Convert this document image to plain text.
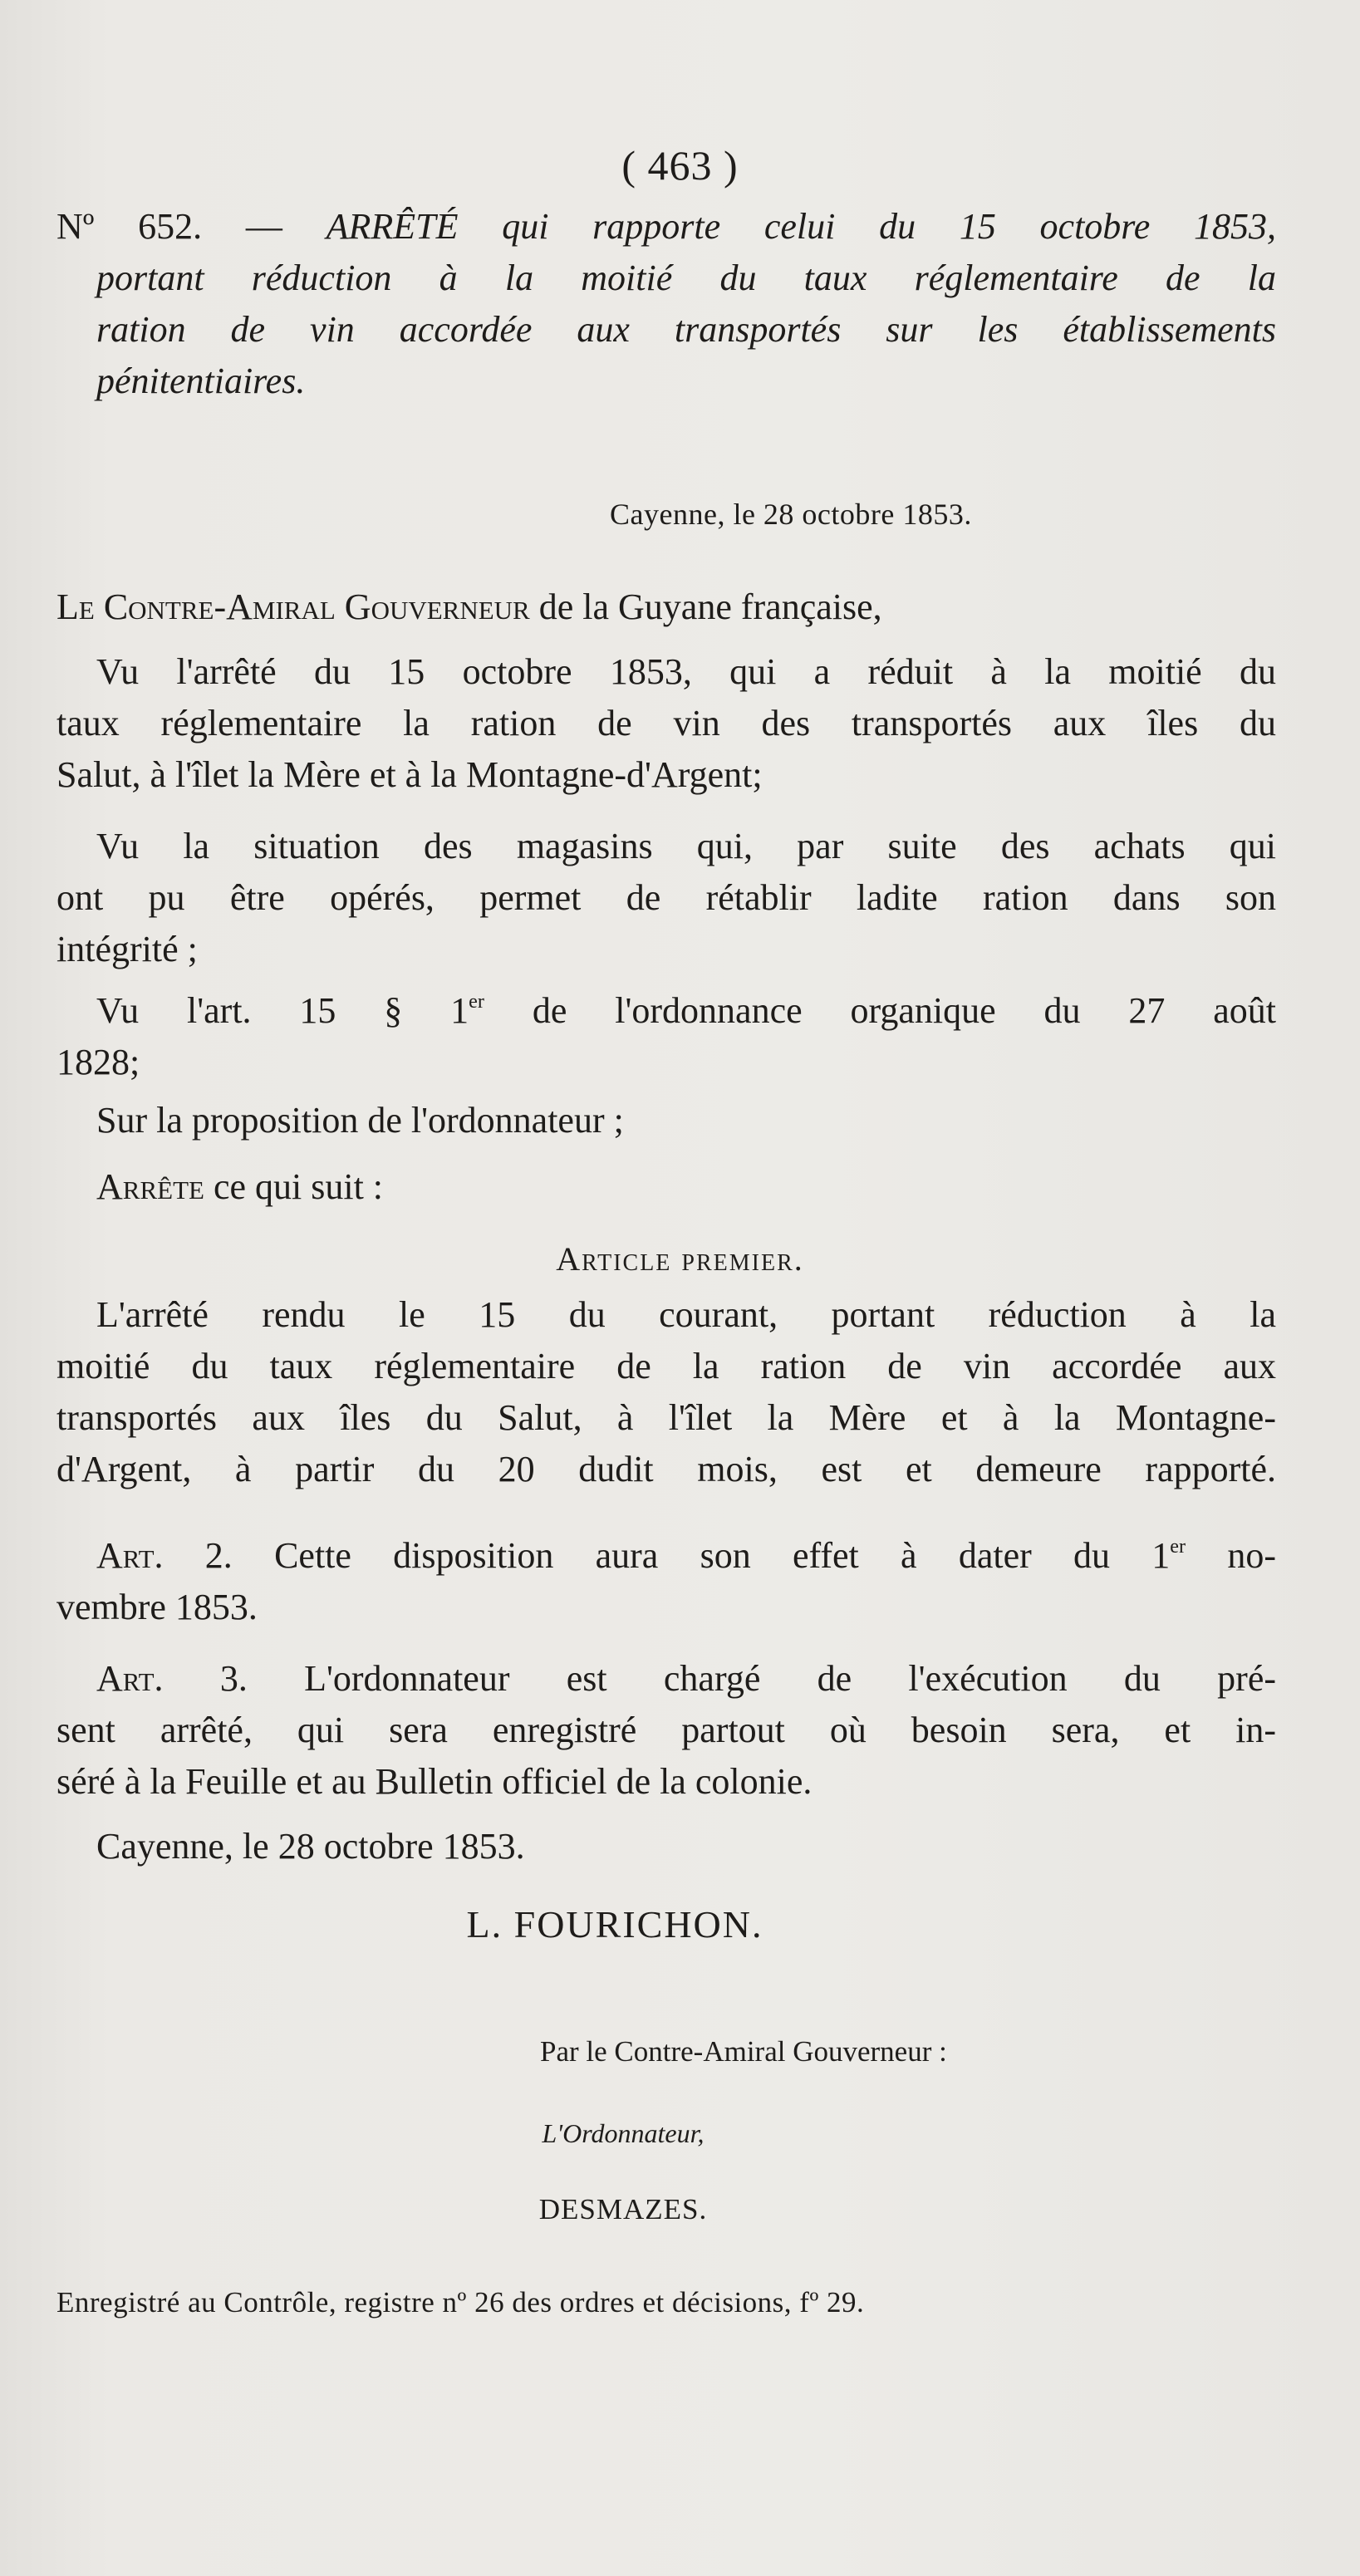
( 463 )
Nº 652. — ARRÊTÉ qui rapporte celui du 15 octobre 1853,
portant réduction à la moitié du taux réglementaire de la
ration de vin accordée aux transportés sur les établissements
pénitentiaires.
Cayenne, le 28 octobre 1853.

Le Contre-Amiral Gouverneur de la Guyane française,

Vu l'arrêté du 15 octobre 1853, qui a réduit à la moitié du

taux réglementaire la ration de vin des transportés aux îles du

Salut, à l'îlet la Mère et à la Montagne-d'Argent;

Vu la situation des magasins qui, par suite des achats qui

ont pu être opérés, permet de rétablir ladite ration dans son

intégrité ;

Vu l'art. 15 § 1er de l'ordonnance organique du 27 août

1828;

Sur la proposition de l'ordonnateur ;

Arrête ce qui suit :

Article premier.

L'arrêté rendu le 15 du courant, portant réduction à la

moitié du taux réglementaire de la ration de vin accordée aux

transportés aux îles du Salut, à l'îlet la Mère et à la Montagne-

d'Argent, à partir du 20 dudit mois, est et demeure rapporté.

Art. 2. Cette disposition aura son effet à dater du 1er no-

vembre 1853.

Art. 3. L'ordonnateur est chargé de l'exécution du pré-

sent arrêté, qui sera enregistré partout où besoin sera, et in-

séré à la Feuille et au Bulletin officiel de la colonie.

Cayenne, le 28 octobre 1853.

L. FOURICHON.
Par le Contre-Amiral Gouverneur :
L'Ordonnateur,
DESMAZES.
Enregistré au Contrôle, registre nº 26 des ordres et décisions, fº 29.
